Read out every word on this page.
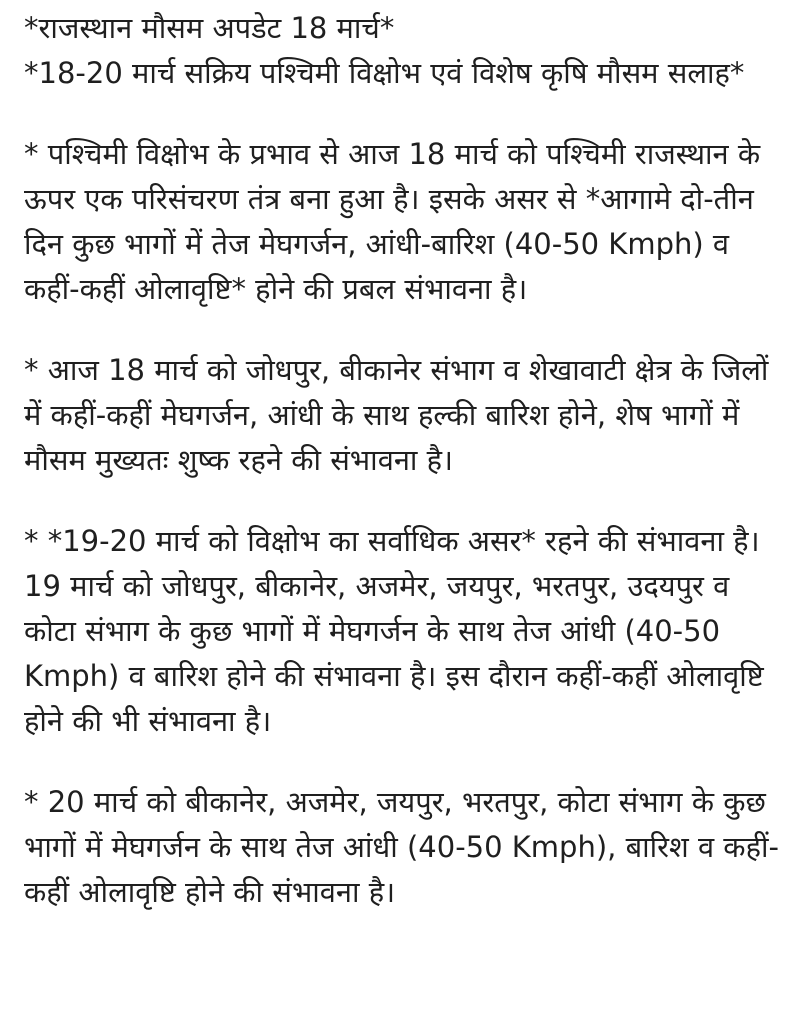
*राजस्थान मौसम अपडेट 18 मार्च*

*18-20 मार्च सक्रिय पश्चिमी विक्षोभ एवं विशेष कृषि मौसम सलाह*

* पश्चिमी विक्षोभ के प्रभाव से आज 18 मार्च को पश्चिमी राजस्थान के ऊपर एक परिसंचरण तंत्र बना हुआ है। इसके असर से *आगामे दो-तीन दिन कुछ भागों में तेज मेघगर्जन, आंधी-बारिश (40-50 Kmph) व कहीं-कहीं ओलावृष्टि* होने की प्रबल संभावना है।

* आज 18 मार्च को जोधपुर, बीकानेर संभाग व शेखावाटी क्षेत्र के जिलों में कहीं-कहीं मेघगर्जन, आंधी के साथ हल्की बारिश होने, शेष भागों में मौसम मुख्यतः शुष्क रहने की संभावना है।

* *19-20 मार्च को विक्षोभ का सर्वाधिक असर* रहने की संभावना है। 19 मार्च को जोधपुर, बीकानेर, अजमेर, जयपुर, भरतपुर, उदयपुर व कोटा संभाग के कुछ भागों में मेघगर्जन के साथ तेज आंधी (40-50 Kmph) व बारिश होने की संभावना है। इस दौरान कहीं-कहीं ओलावृष्टि होने की भी संभावना है।

* 20 मार्च को बीकानेर, अजमेर, जयपुर, भरतपुर, कोटा संभाग के कुछ भागों में मेघगर्जन के साथ तेज आंधी (40-50 Kmph), बारिश व कहीं-कहीं ओलावृष्टि होने की संभावना है।
